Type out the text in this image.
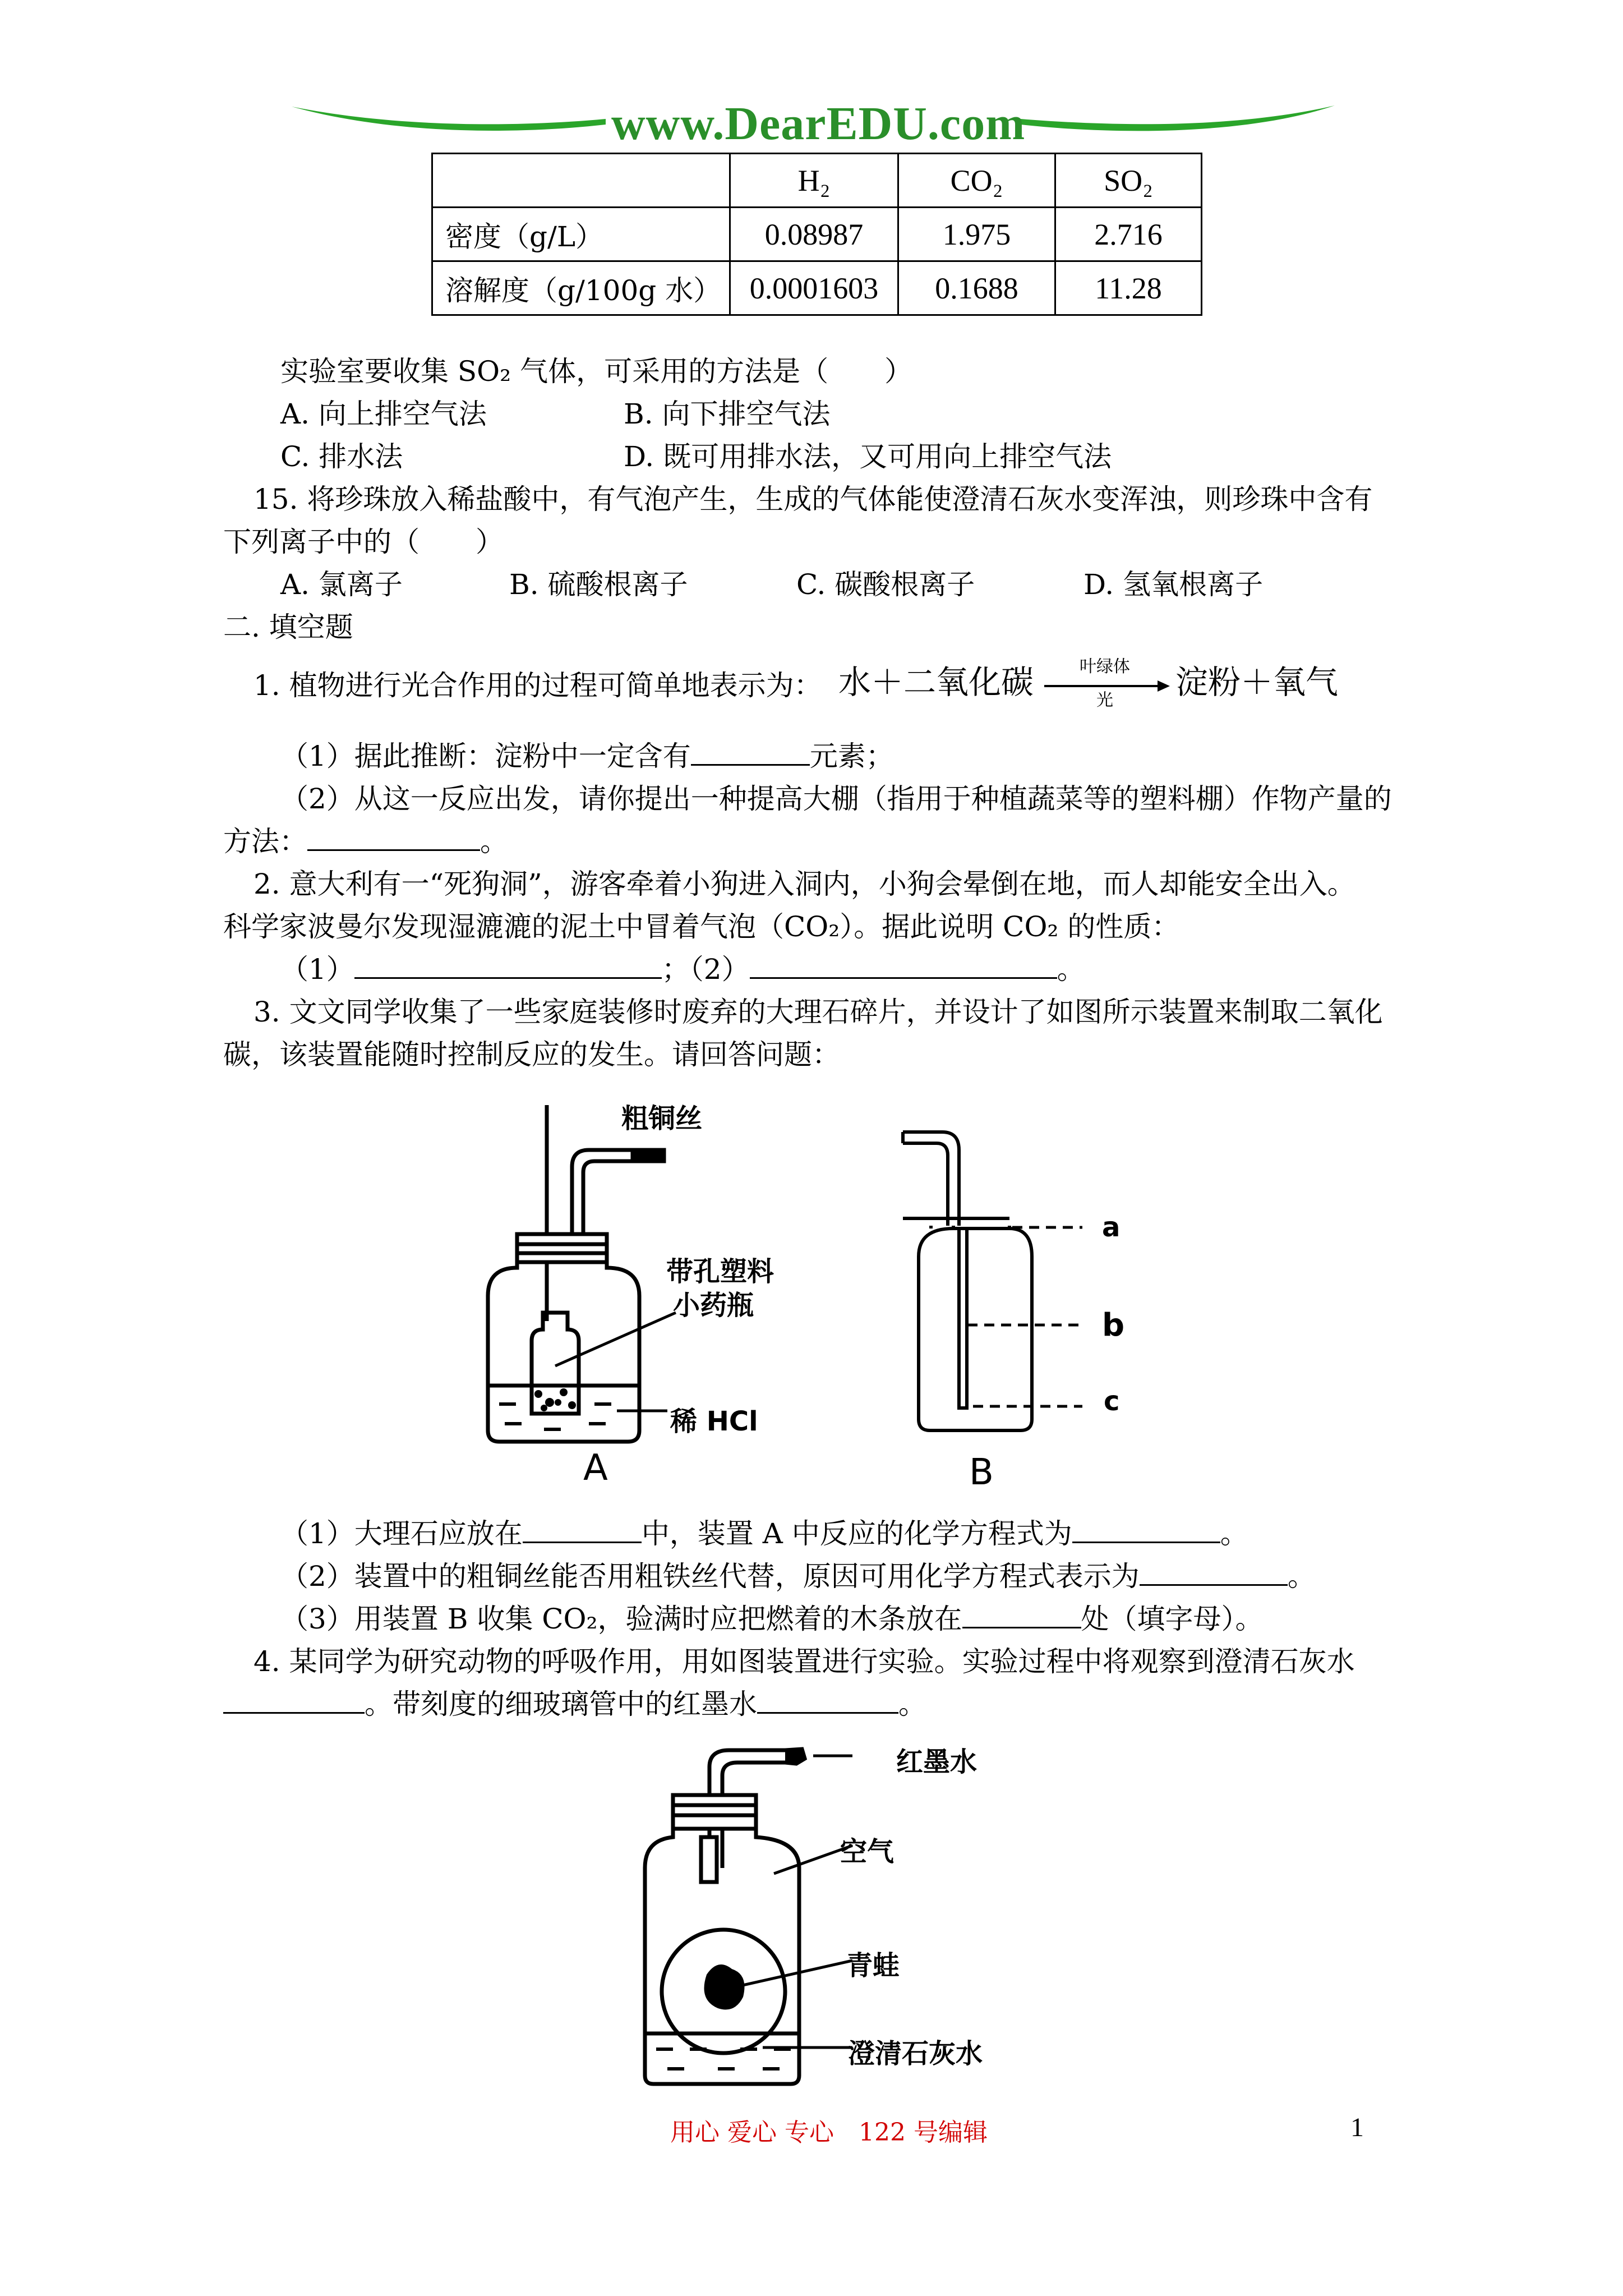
www.DearEDU.com
	H₂	CO₂	SO₂
密度（g/L）	0.08987	1.975	2.716
溶解度（g/100g 水）	0.0001603	0.1688	11.28
实验室要收集 SO₂ 气体，可采用的方法是（　　）
A. 向上排空气法	B. 向下排空气法
C. 排水法	D. 既可用排水法，又可用向上排空气法
15. 将珍珠放入稀盐酸中，有气泡产生，生成的气体能使澄清石灰水变浑浊，则珍珠中含有
下列离子中的（　　）
A. 氯离子	B. 硫酸根离子	C. 碳酸根离子	D. 氢氧根离子
二. 填空题
1. 植物进行光合作用的过程可简单地表示为： 水＋二氧化碳	叶绿体
光	淀粉＋氧气
（1）据此推断：淀粉中一定含有	元素；
（2）从这一反应出发，请你提出一种提高大棚（指用于种植蔬菜等的塑料棚）作物产量的
方法：	。
2. 意大利有一“死狗洞”，游客牵着小狗进入洞内，小狗会晕倒在地，而人却能安全出入。
科学家波曼尔发现湿漉漉的泥土中冒着气泡（CO₂）。据此说明 CO₂ 的性质：
（1）	；（2）	。
3. 文文同学收集了一些家庭装修时废弃的大理石碎片，并设计了如图所示装置来制取二氧化
碳，该装置能随时控制反应的发生。请回答问题：
粗铜丝
带孔塑料
小药瓶
稀 HCl
A
a
b
c
B
（1）大理石应放在	中，装置 A 中反应的化学方程式为	。
（2）装置中的粗铜丝能否用粗铁丝代替，原因可用化学方程式表示为	。
（3）用装置 B 收集 CO₂，验满时应把燃着的木条放在	处（填字母）。
4. 某同学为研究动物的呼吸作用，用如图装置进行实验。实验过程中将观察到澄清石灰水
。带刻度的细玻璃管中的红墨水	。
红墨水
空气
青蛙
澄清石灰水
用心 爱心 专心　122 号编辑	1
